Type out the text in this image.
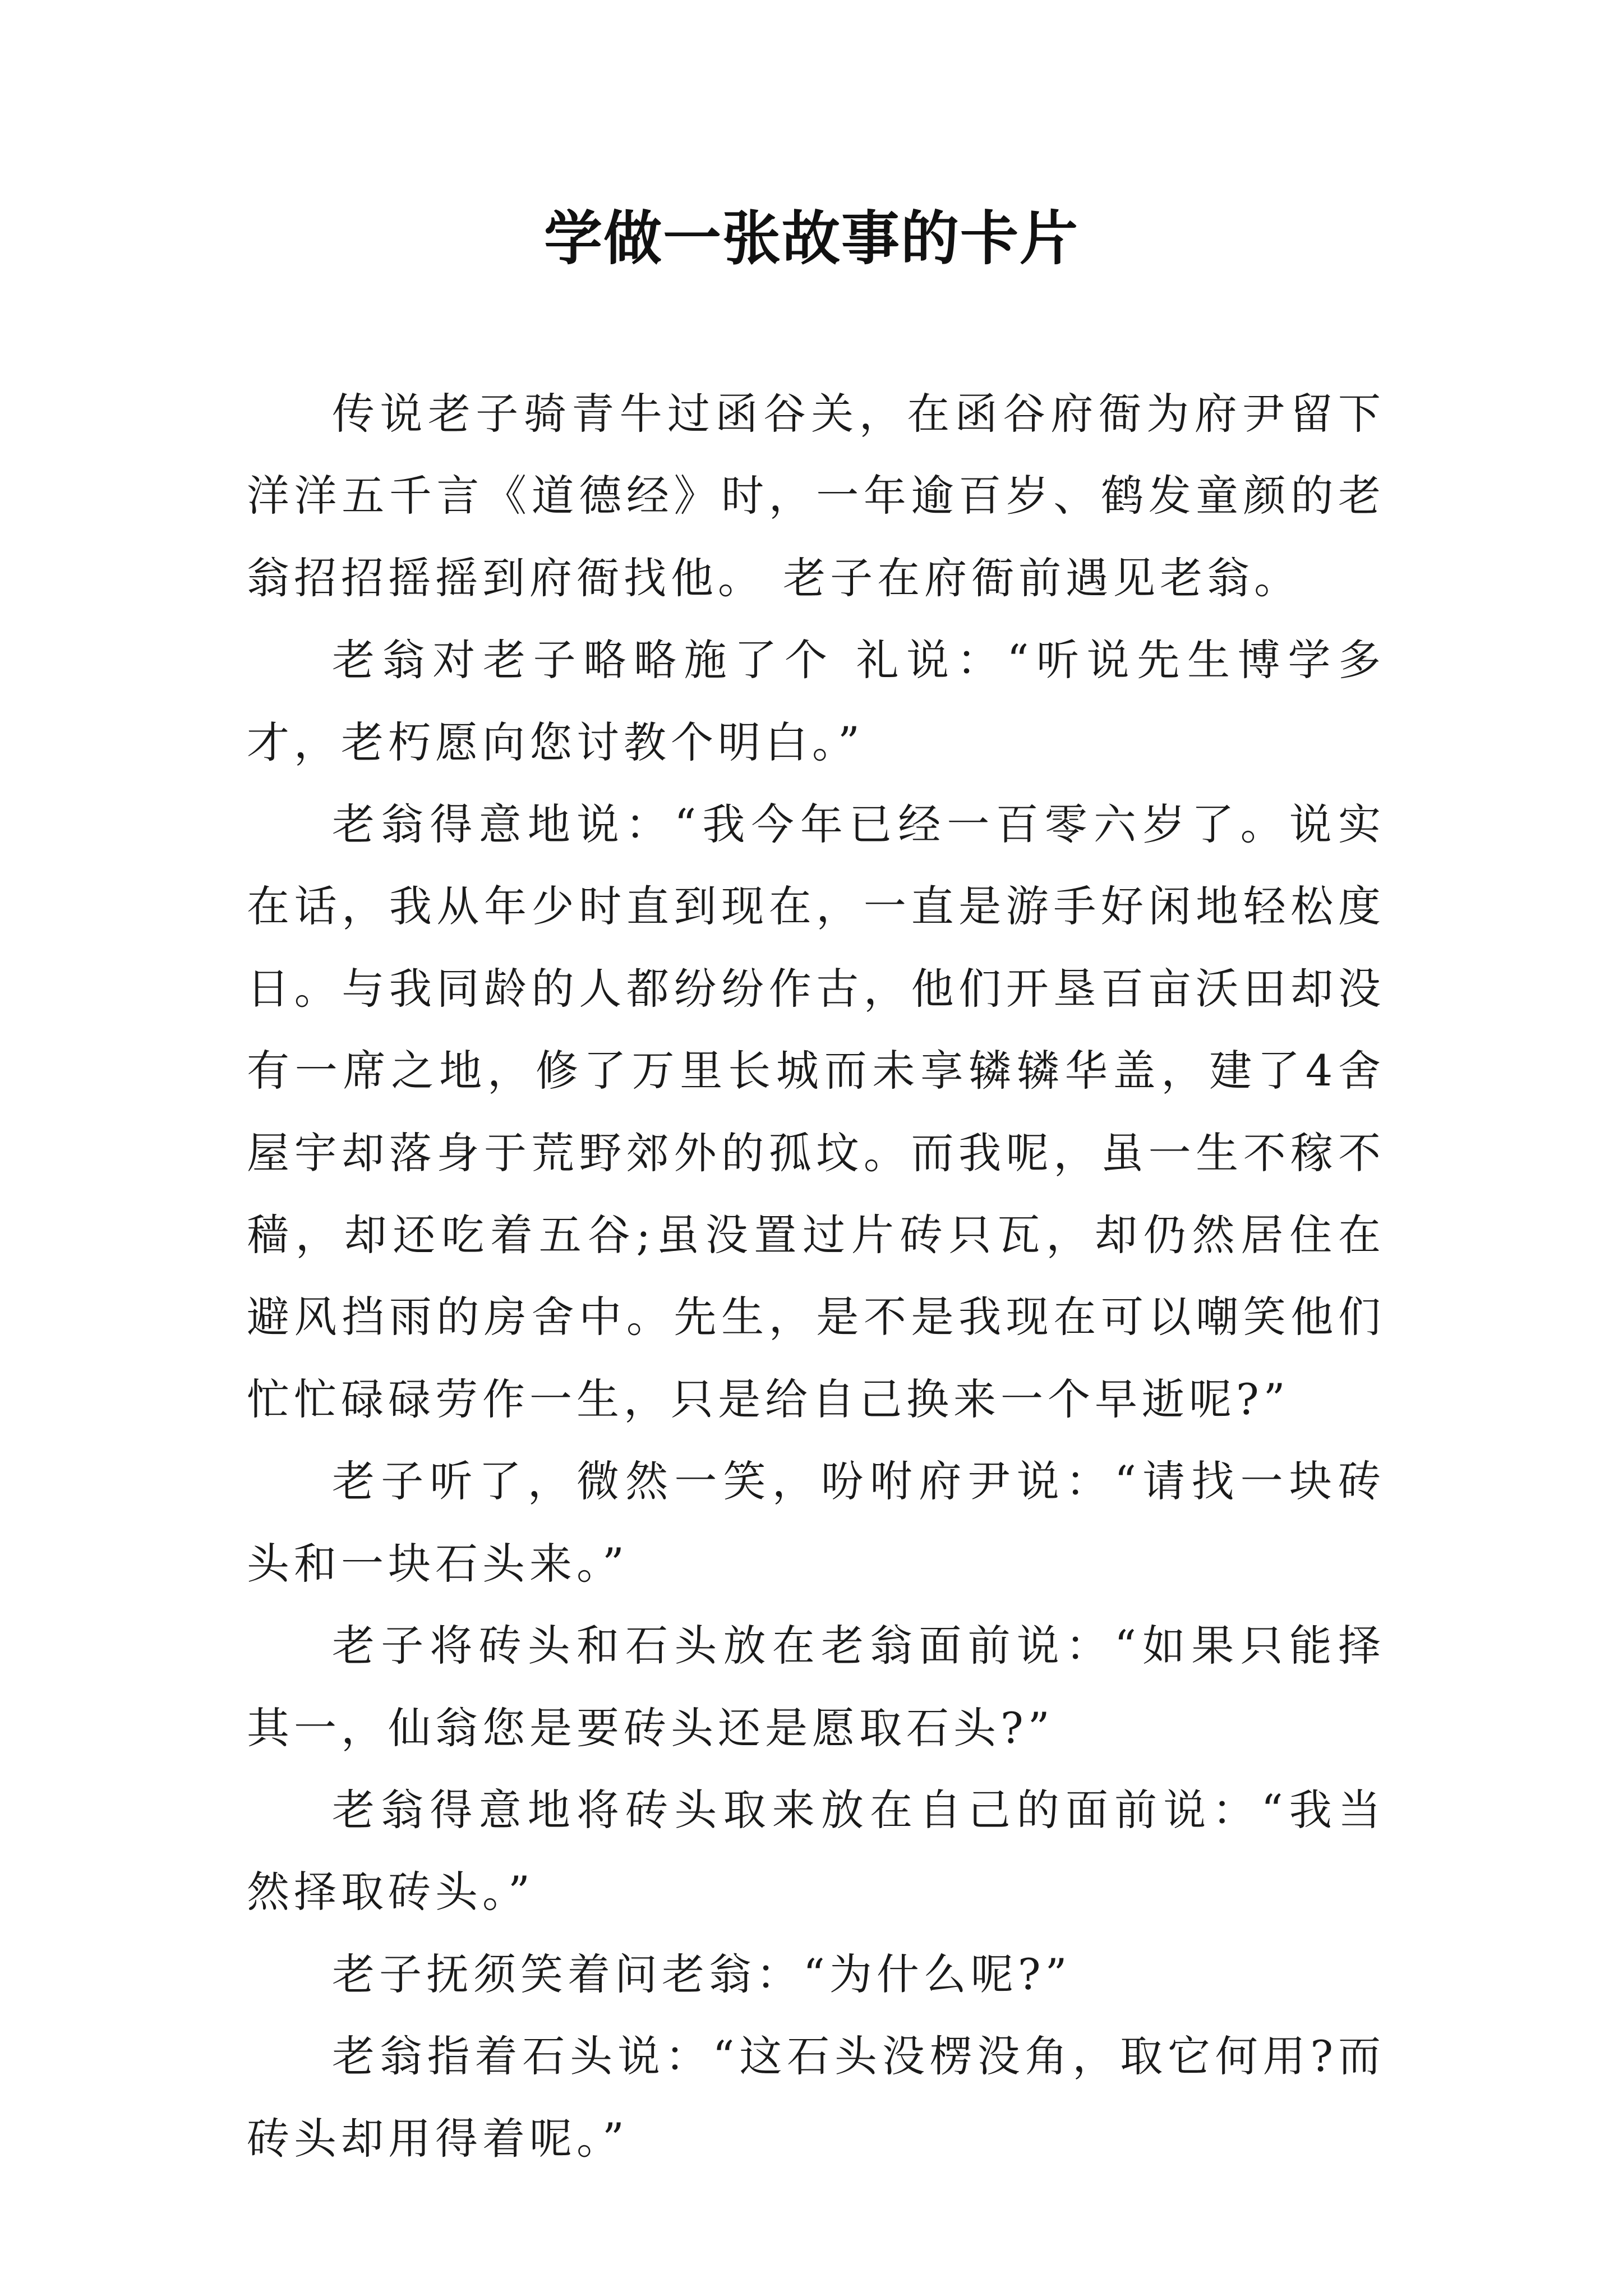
学做一张故事的卡片

传说老子骑青牛过函谷关，在函谷府衙为府尹留下洋洋五千言《道德经》时，一年逾百岁、鹤发童颜的老翁招招摇摇到府衙找他。 老子在府衙前遇见老翁。

老翁对老子略略施了个 礼说：“听说先生博学多才，老朽愿向您讨教个明白。”

老翁得意地说：“我今年已经一百零六岁了。说实在话，我从年少时直到现在，一直是游手好闲地轻松度日。与我同龄的人都纷纷作古，他们开垦百亩沃田却没有一席之地，修了万里长城而未享辚辚华盖，建了4舍屋宇却落身于荒野郊外的孤坟。而我呢，虽一生不稼不穑，却还吃着五谷;虽没置过片砖只瓦，却仍然居住在避风挡雨的房舍中。先生，是不是我现在可以嘲笑他们忙忙碌碌劳作一生，只是给自己换来一个早逝呢?”

老子听了，微然一笑，吩咐府尹说：“请找一块砖头和一块石头来。”

老子将砖头和石头放在老翁面前说：“如果只能择其一，仙翁您是要砖头还是愿取石头?”

老翁得意地将砖头取来放在自己的面前说：“我当然择取砖头。”

老子抚须笑着问老翁：“为什么呢?”

老翁指着石头说：“这石头没楞没角，取它何用?而砖头却用得着呢。”
